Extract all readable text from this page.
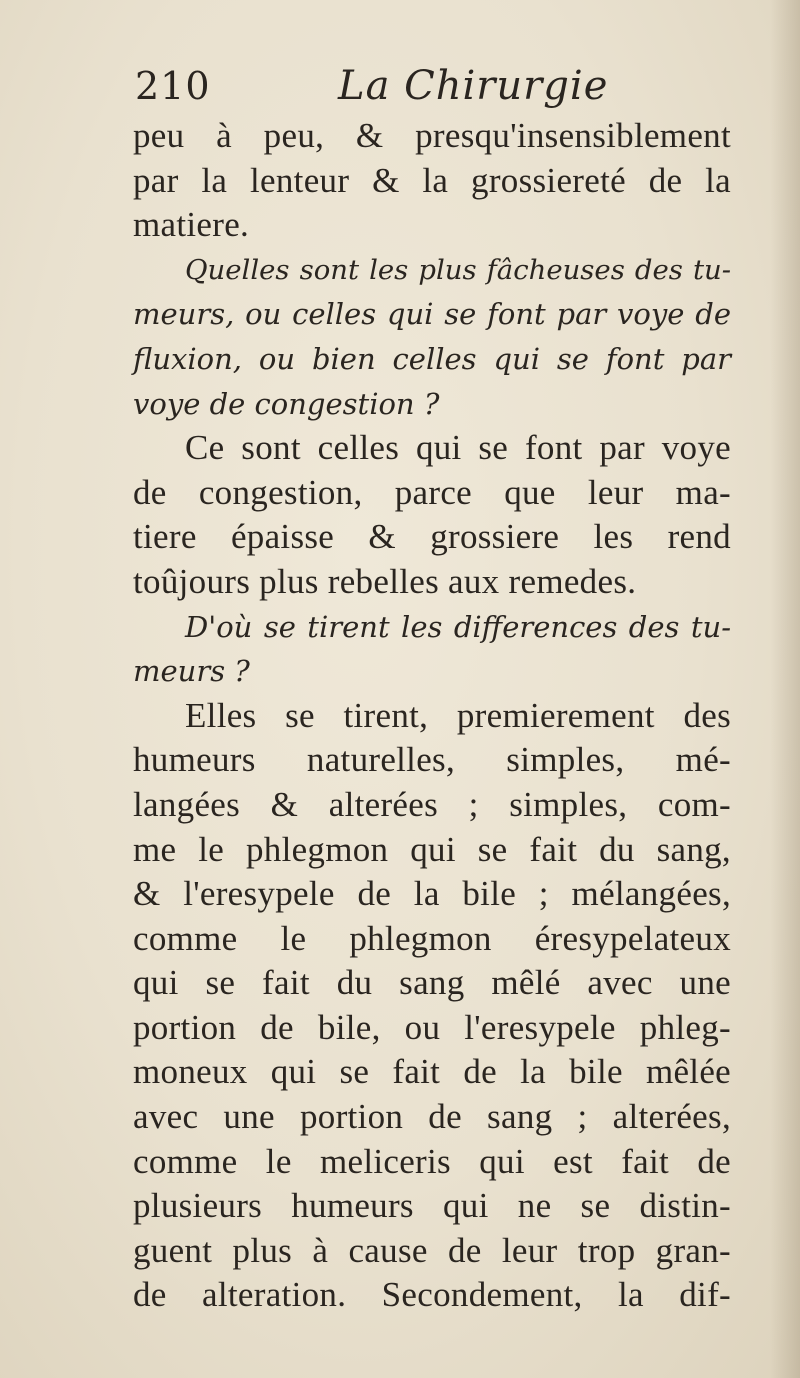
210	La Chirurgie
peu à peu, & presqu'insensiblement
par la lenteur & la grossiereté de la
matiere.
Quelles sont les plus fâcheuses des tu-
meurs, ou celles qui se font par voye de
fluxion, ou bien celles qui se font par
voye de congestion ?
Ce sont celles qui se font par voye
de congestion, parce que leur ma-
tiere épaisse & grossiere les rend
toûjours plus rebelles aux remedes.
D'où se tirent les differences des tu-
meurs ?
Elles se tirent, premierement des
humeurs naturelles, simples, mé-
langées & alterées ; simples, com-
me le phlegmon qui se fait du sang,
& l'eresypele de la bile ; mélangées,
comme le phlegmon éresypelateux
qui se fait du sang mêlé avec une
portion de bile, ou l'eresypele phleg-
moneux qui se fait de la bile mêlée
avec une portion de sang ; alterées,
comme le meliceris qui est fait de
plusieurs humeurs qui ne se distin-
guent plus à cause de leur trop gran-
de alteration. Secondement, la dif-
